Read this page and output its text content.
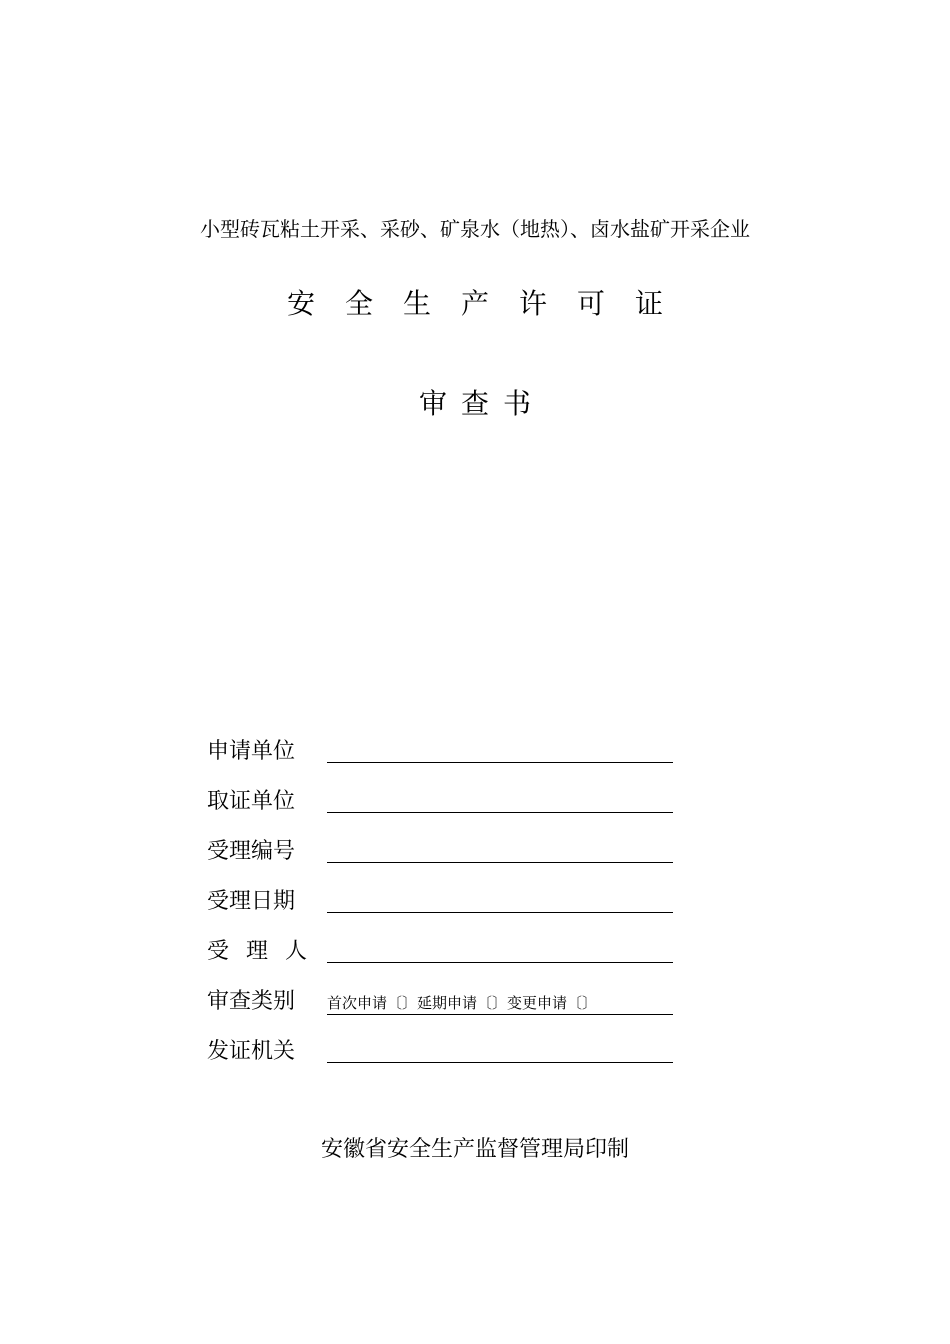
小型砖瓦粘土开采、采砂、矿泉水（地热）、卤水盐矿开采企业
安全生产许可证
审查书
申请单位
取证单位
受理编号
受理日期
受理人
审查类别	首次申请〔〕延期申请〔〕变更申请〔〕
发证机关
安徽省安全生产监督管理局印制
